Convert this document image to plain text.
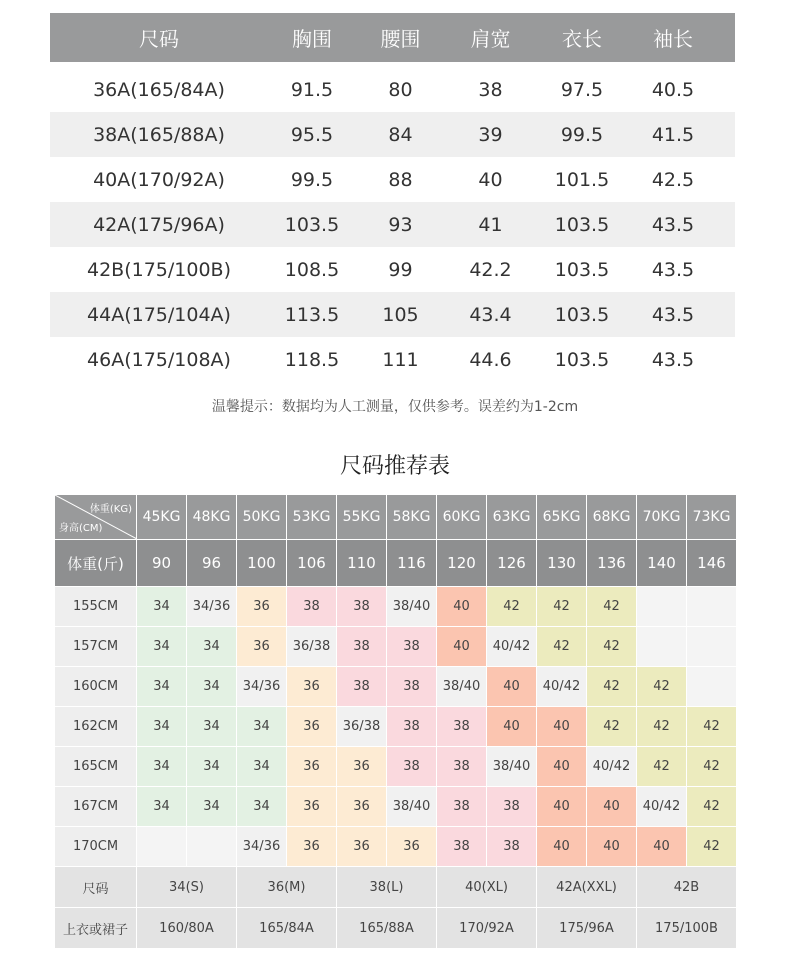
尺码	胸围	腰围	肩宽	衣长	袖长
36A(165/84A)	91.5	80	38	97.5	40.5
38A(165/88A)	95.5	84	39	99.5	41.5
40A(170/92A)	99.5	88	40	101.5	42.5
42A(175/96A)	103.5	93	41	103.5	43.5
42B(175/100B)	108.5	99	42.2	103.5	43.5
44A(175/104A)	113.5	105	43.4	103.5	43.5
46A(175/108A)	118.5	111	44.6	103.5	43.5
温馨提示：数据均为人工测量，仅供参考。误差约为1-2cm
尺码推荐表
体重(KG)
身高(CM)	45KG	48KG	50KG	53KG	55KG	58KG	60KG	63KG	65KG	68KG	70KG	73KG
体重(斤)	90	96	100	106	110	116	120	126	130	136	140	146
155CM	34	34/36	36	38	38	38/40	40	42	42	42		
157CM	34	34	36	36/38	38	38	40	40/42	42	42		
160CM	34	34	34/36	36	38	38	38/40	40	40/42	42	42	
162CM	34	34	34	36	36/38	38	38	40	40	42	42	42
165CM	34	34	34	36	36	38	38	38/40	40	40/42	42	42
167CM	34	34	34	36	36	38/40	38	38	40	40	40/42	42
170CM			34/36	36	36	36	38	38	40	40	40	42
尺码	34(S)		36(M)		38(L)		40(XL)		42A(XXL)		42B	
上衣或裙子	160/80A		165/84A		165/88A		170/92A		175/96A		175/100B	
